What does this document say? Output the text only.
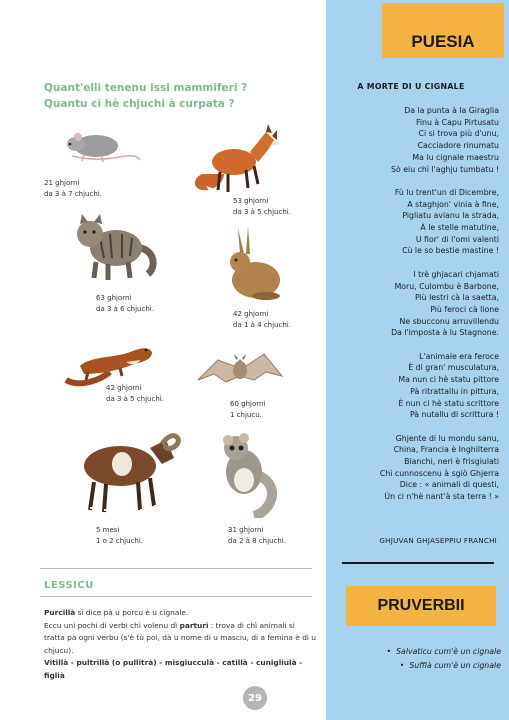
Quant'elli tenenu issi mammiferi ?
Quantu ci hè chjuchi à curpata ?
21 ghjorni
da 3 à 7 chjuchi.
53 ghjorni
da 3 à 5 chjuchi.
63 ghjorni
da 3 à 6 chjuchi.
42 ghjorni
da 1 à 4 chjuchi.
42 ghjorni
da 3 à 5 chjuchi.
60 ghjorni
1 chjucu.
5 mesi
1 o 2 chjuchi.
31 ghjorni
da 2 à 8 chjuchi.
LESSICU
Purcillà si dice pà u porcu è u cignale.
Eccu uni pochi di verbi chì volenu dì parturì : trova di chì animali si tratta pà ogni verbu (s'è tù poi, dà u nome di u masciu, di a femina è di u chjucu).
Vitillà - pultrillà (o pullitrà) - misgiucculà - catillà - cunigliulà - figlià
29
PUESIA
A MORTE DI U CIGNALE
Da la punta à la Giraglia
Finu à Capu Pirtusatu
Ci si trova più d'unu,
Cacciadore rinumatu
Ma lu cignale maestru
Sò eiu chì l'aghju tumbatu !
Fù lu trent'un di Dicembre,
A staghjon' vinia à fine,
Pigliatu avianu la strada,
À le stelle matutine,
U fior' di l'omi valenti
Cù le so bestie mastine !
I trè ghjacari chjamati
Moru, Culombu è Barbone,
Più lestri cà la saetta,
Più feroci cà lione
Ne sbucconu arruvillendu
Da l'imposta à lu Stagnone.
L'animale era feroce
È di gran' musculatura,
Ma nun ci hè statu pittore
Pà ritrattallu in pittura,
È nun ci hè statu scrittore
Pà nutallu di scrittura !
Ghjente di lu mondu sanu,
China, Francia è Inghilterra
Bianchi, neri è frisgiulati
Chì cunnoscenu à sgiò Ghjerra
Dice : « animali di questi,
Ùn ci n'hè nant'à sta terra ! »
GHJUVAN GHJASEPPIU FRANCHI
PRUVERBII
• Salvaticu cum'è un cignale
• Suffià cum'è un cignale
